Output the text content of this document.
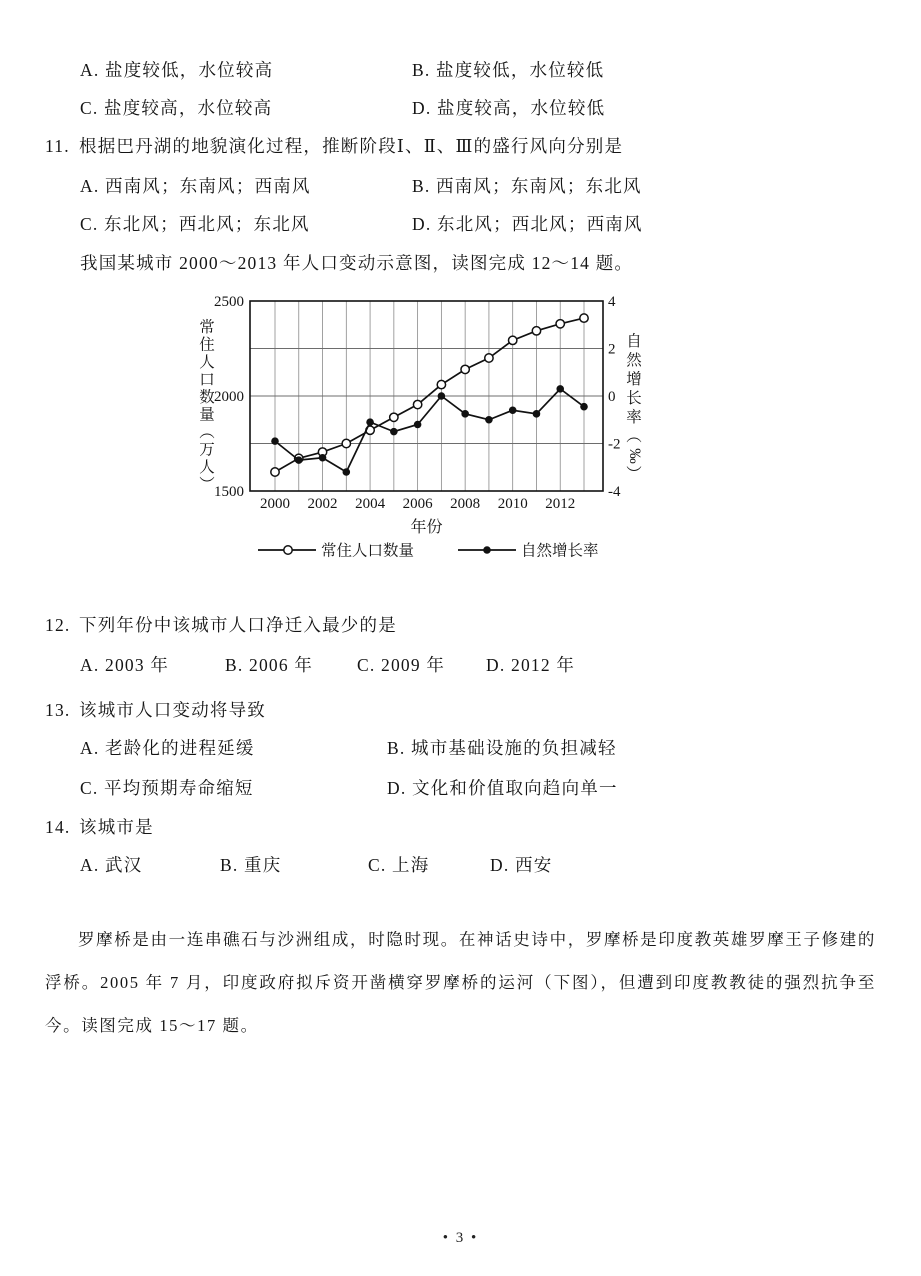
A. 盐度较低，水位较高	B. 盐度较低，水位较低
C. 盐度较高，水位较高	D. 盐度较高，水位较低
11. 根据巴丹湖的地貌演化过程，推断阶段Ⅰ、Ⅱ、Ⅲ的盛行风向分别是
A. 西南风；东南风；西南风	B. 西南风；东南风；东北风
C. 东北风；西北风；东北风	D. 东北风；西北风；西南风
我国某城市 2000～2013 年人口变动示意图，读图完成 12～14 题。
2500
2000
1500
4
2
0
-2
-4
2000 2002 2004 2006 2008 2010 2012
年份
常
住
人
口
数
量
︵
万
人
︶
自
然
增
长
率
︵
‰
︶
常住人口数量	自然增长率
12. 下列年份中该城市人口净迁入最少的是
A. 2003 年	B. 2006 年	C. 2009 年 D. 2012 年
13. 该城市人口变动将导致
A. 老龄化的进程延缓	B. 城市基础设施的负担减轻
C. 平均预期寿命缩短	D. 文化和价值取向趋向单一
14. 该城市是
A. 武汉	B. 重庆	C. 上海	D. 西安
罗摩桥是由一连串礁石与沙洲组成，时隐时现。在神话史诗中，罗摩桥是印度教英雄罗摩王子修建的浮桥。2005 年 7 月，印度政府拟斥资开凿横穿罗摩桥的运河（下图），但遭到印度教教徒的强烈抗争至今。读图完成 15～17 题。
• 3 •
